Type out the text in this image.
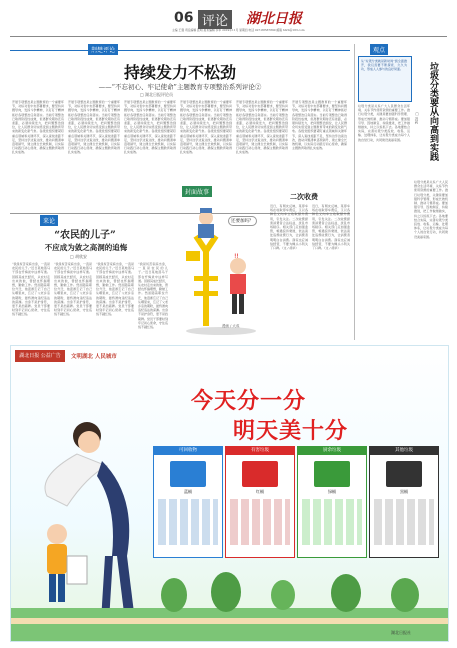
06 评论 湖北日报
主编 王强 责任编辑 张明 美术编辑 李华 2019年11月 星期四 电话 027-88567890 邮箱 hbrb@163.com
持续发力不松劲
——“不忘初心、牢记使命”主题教育专项整治系列评论②
□ 湖北日报评论员
开展专项整治是主题教育的一个重要环节，对标对表中央部署要求，要坚持问题导向，发扬斗争精神，以钉钉子精神抓好各项整治任务落实。当前专项整治已取得阶段性成效，但离群众期待还有差距，必须持续发力，把问题整治到位，让人民群众切实感受到主题教育带来的新变化新气象。各级党组织要紧盯重点领域和关键环节，深入查找差距不足，坚持边学边查边改，推动问题清单逐项销号，建立健全长效机制，以实际行动践行初心使命，确保主题教育取得扎实成效。
开展专项整治是主题教育的一个重要环节，对标对表中央部署要求，要坚持问题导向，发扬斗争精神，以钉钉子精神抓好各项整治任务落实。当前专项整治已取得阶段性成效，但离群众期待还有差距，必须持续发力，把问题整治到位，让人民群众切实感受到主题教育带来的新变化新气象。各级党组织要紧盯重点领域和关键环节，深入查找差距不足，坚持边学边查边改，推动问题清单逐项销号，建立健全长效机制，以实际行动践行初心使命，确保主题教育取得扎实成效。
开展专项整治是主题教育的一个重要环节，对标对表中央部署要求，要坚持问题导向，发扬斗争精神，以钉钉子精神抓好各项整治任务落实。当前专项整治已取得阶段性成效，但离群众期待还有差距，必须持续发力，把问题整治到位，让人民群众切实感受到主题教育带来的新变化新气象。各级党组织要紧盯重点领域和关键环节，深入查找差距不足，坚持边学边查边改，推动问题清单逐项销号，建立健全长效机制，以实际行动践行初心使命，确保主题教育取得扎实成效。
开展专项整治是主题教育的一个重要环节，对标对表中央部署要求，要坚持问题导向，发扬斗争精神，以钉钉子精神抓好各项整治任务落实。当前专项整治已取得阶段性成效，但离群众期待还有差距，必须持续发力，把问题整治到位，让人民群众切实感受到主题教育带来的新变化新气象。各级党组织要紧盯重点领域和关键环节，深入查找差距不足，坚持边学边查边改，推动问题清单逐项销号，建立健全长效机制，以实际行动践行初心使命，确保主题教育取得扎实成效。
开展专项整治是主题教育的一个重要环节，对标对表中央部署要求，要坚持问题导向，发扬斗争精神，以钉钉子精神抓好各项整治任务落实。当前专项整治已取得阶段性成效，但离群众期待还有差距，必须持续发力，把问题整治到位，让人民群众切实感受到主题教育带来的新变化新气象。各级党组织要紧盯重点领域和关键环节，深入查找差距不足，坚持边学边查边改，推动问题清单逐项销号，建立健全长效机制，以实际行动践行初心使命，确保主题教育取得扎实成效。
开展专项整治是主题教育的一个重要环节，对标对表中央部署要求，要坚持问题导向，发扬斗争精神，以钉钉子精神抓好各项整治任务落实。当前专项整治已取得阶段性成效，但离群众期待还有差距，必须持续发力，把问题整治到位，让人民群众切实感受到主题教育带来的新变化新气象。各级党组织要紧盯重点领域和关键环节，深入查找差距不足，坚持边学边查边改，推动问题清单逐项销号，建立健全长效机制，以实际行动践行初心使命，确保主题教育取得扎实成效。
来论
“农民的儿子”
不应成为敛之高洞的追悔
□ 胡欣安
“我是贫苦家庭出身，一直是农民的儿子。”近日某地落马干部在忏悔录中这样写道。回顾其成长经历，从农村走出来的他，曾经也怀揣理想，勤勉工作。然而随着职位升迁，他逐渐忘记了自己从哪里来，忘记了父老乡亲的期盼，最终滑向违纪违法的深渊。出身不是护身符，更不是挡箭牌。党员干部要时刻牢记初心使命，守住底线不越红线。
“我是贫苦家庭出身，一直是农民的儿子。”近日某地落马干部在忏悔录中这样写道。回顾其成长经历，从农村走出来的他，曾经也怀揣理想，勤勉工作。然而随着职位升迁，他逐渐忘记了自己从哪里来，忘记了父老乡亲的期盼，最终滑向违纪违法的深渊。出身不是护身符，更不是挡箭牌。党员干部要时刻牢记初心使命，守住底线不越红线。
“我是贫苦家庭出身，一直是农民的儿子。”近日某地落马干部在忏悔录中这样写道。回顾其成长经历，从农村走出来的他，曾经也怀揣理想，勤勉工作。然而随着职位升迁，他逐渐忘记了自己从哪里来，忘记了父老乡亲的期盼，最终滑向违纪违法的深渊。出身不是护身符，更不是挡箭牌。党员干部要时刻牢记初心使命，守住底线不越红线。
“我是贫苦家庭出身，一直是农民的儿子。”近日某地落马干部在忏悔录中这样写道。回顾其成长经历，从农村走出来的他，曾经也怀揣理想，勤勉工作。然而随着职位升迁，他逐渐忘记了自己从哪里来，忘记了父老乡亲的期盼，最终滑向违纪违法的深渊。出身不是护身符，更不是挡箭牌。党员干部要时刻牢记初心使命，守住底线不越红线。
封面故事
!!
还要加吗？
漫画 / 大成
二次收费
近日，有网友反映，某停车场在收取停车费后，又以各种名义向车主收取额外费用，引发关注。二次收费损害消费者合法权益，扰乱市场秩序。相关部门应加强监管，畅通投诉渠道，依法查处违规收费行为，让消费者明明白白消费。商家也应诚信经营，不要为蝇头小利失了口碑。（文 / 胡华）
近日，有网友反映，某停车场在收取停车费后，又以各种名义向车主收取额外费用，引发关注。二次收费损害消费者合法权益，扰乱市场秩序。相关部门应加强监管，畅通投诉渠道，依法查处违规收费行为，让消费者明明白白消费。商家也应诚信经营，不要为蝇头小利失了口碑。（文 / 胡华）
观点
从“垃圾分类就是新时尚”到全面推开，我们需要不断探索、久久为功，形成人人参与的良好局面。	垃圾分类要从向高到实践
□ 冯莉
垃圾分类是关系广大人民群众生活环境、关系节约使用资源的重要工作。推行垃圾分类，关键是要加强科学管理、形成长效机制、推动习惯养成。要加强引导、因地制宜、持续推进，把工作做细做实，持之以恒抓下去。各地要结合实际，完善垃圾分类投放、收集、运输、处理体系，让垃圾分类成为每个人的自觉行动，共同建设美丽家园。
垃圾分类是关系广大人民群众生活环境、关系节约使用资源的重要工作。推行垃圾分类，关键是要加强科学管理、形成长效机制、推动习惯养成。要加强引导、因地制宜、持续推进，把工作做细做实，持之以恒抓下去。各地要结合实际，完善垃圾分类投放、收集、运输、处理体系，让垃圾分类成为每个人的自觉行动，共同建设美丽家园。
湖北日报 公益广告	文明湖北 人民城市
今天分一分
明天美十分
可回收物
蓝桶
有害垃圾
红桶
厨余垃圾
绿桶
其他垃圾
黑桶
湖北日报社
